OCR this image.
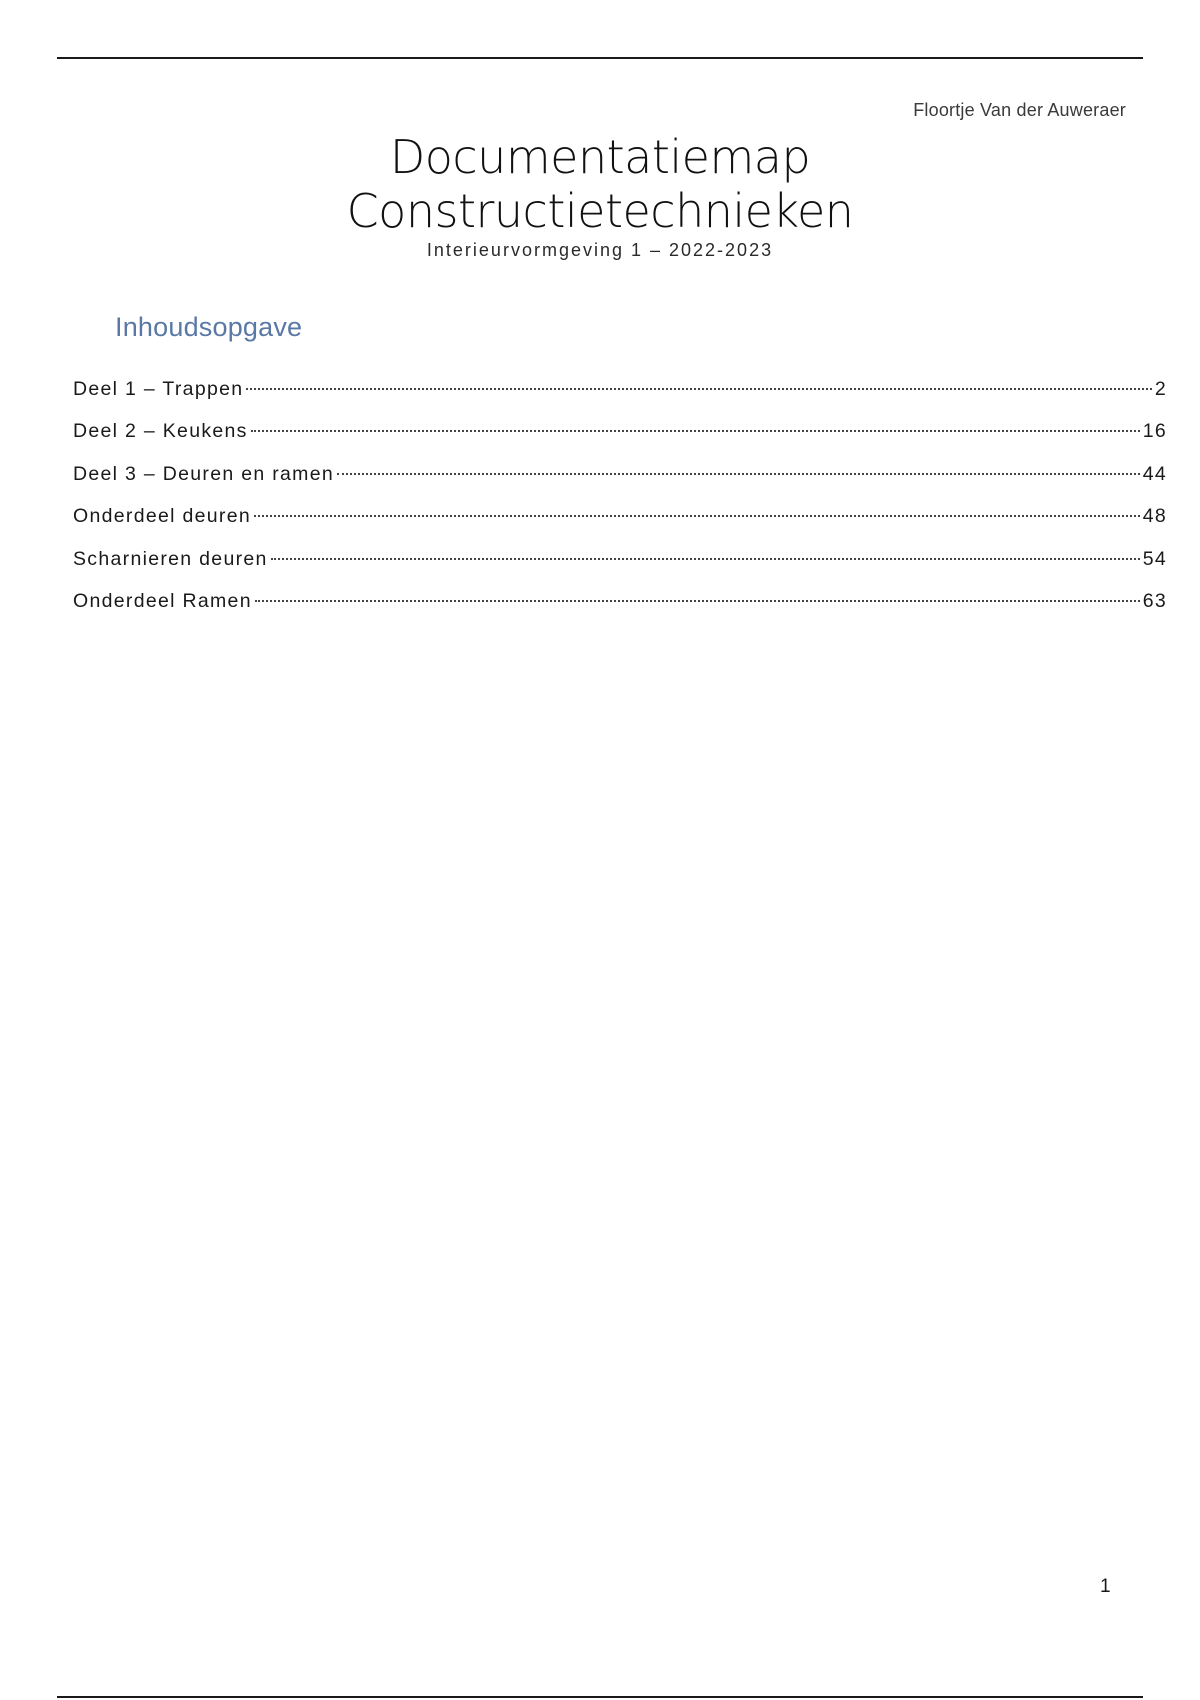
Floortje Van der Auweraer
Documentatiemap
Constructietechnieken
Interieurvormgeving 1 – 2022-2023
Inhoudsopgave
Deel 1 – Trappen	2
Deel 2 – Keukens	16
Deel 3 – Deuren en ramen	44
Onderdeel deuren	48
Scharnieren deuren	54
Onderdeel Ramen	63
1
